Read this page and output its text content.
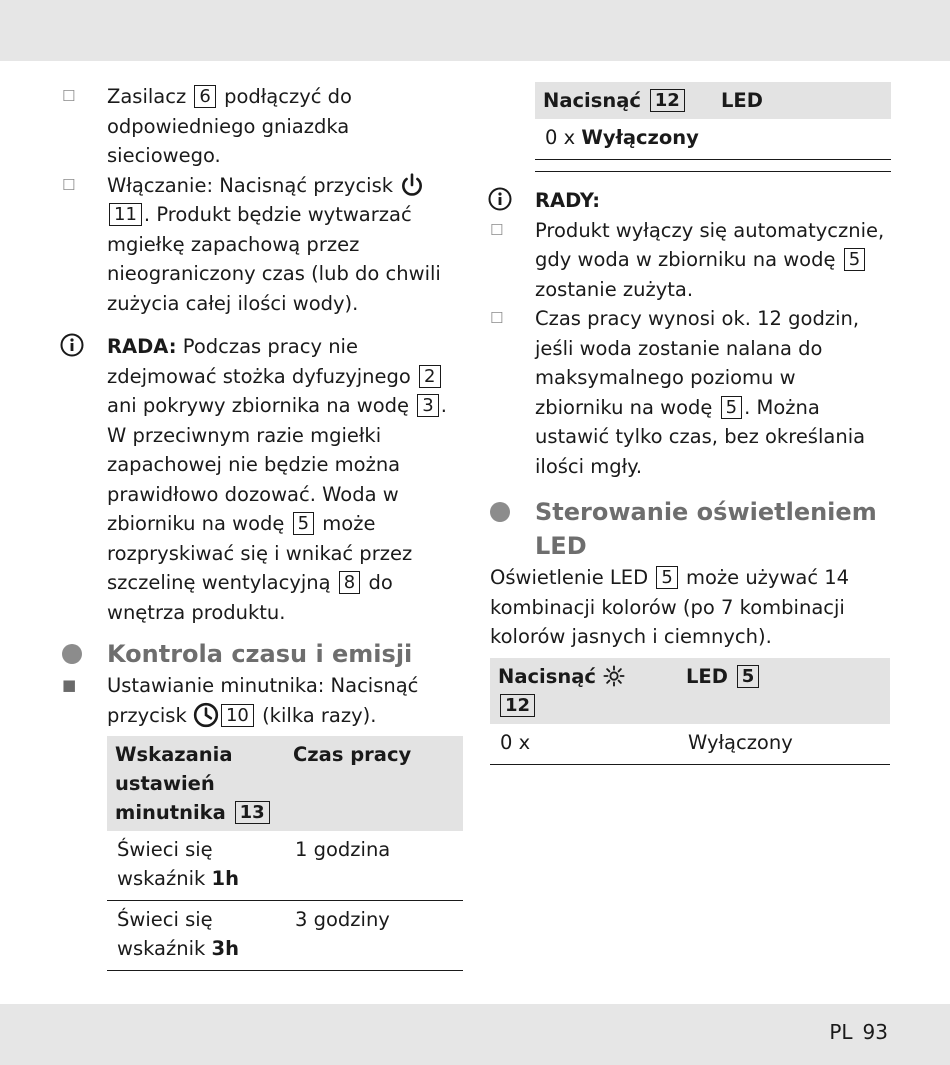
☐	Zasilacz 6 podłączyć do odpowiedniego gniazdka sieciowego.
☐	Włączanie: Nacisnąć przycisk 11 . Produkt będzie wytwarzać mgiełkę zapachową przez nieograniczony czas (lub do chwili zużycia całej ilości wody).
RADA: Podczas pracy nie zdejmować stożka dyfuzyjnego 2 ani pokrywy zbiornika na wodę 3 . W przeciwnym razie mgiełki zapachowej nie będzie można prawidłowo dozować. Woda w zbiorniku na wodę 5 może rozpryskiwać się i wnikać przez szczelinę wentylacyjną 8 do wnętrza produktu.
Kontrola czasu i emisji
■	Ustawianie minutnika: Nacisnąć przycisk 10 (kilka razy).
Wskazania ustawień minutnika 13	Czas pracy
Świeci się wskaźnik 1h	1 godzina
Świeci się wskaźnik 3h	3 godziny
Nacisnąć 12	LED
0 x Wyłączony	

RADY:
☐	Produkt wyłączy się automatycznie, gdy woda w zbiorniku na wodę 5 zostanie zużyta.
☐	Czas pracy wynosi ok. 12 godzin, jeśli woda zostanie nalana do maksymalnego poziomu w zbiorniku na wodę 5 . Można ustawić tylko czas, bez określania ilości mgły.
Sterowanie oświetleniem LED
Oświetlenie LED 5 może używać 14 kombinacji kolorów (po 7 kombinacji kolorów jasnych i ciemnych).
Nacisnąć  12	LED 5
0 x	Wyłączony
PL 93
